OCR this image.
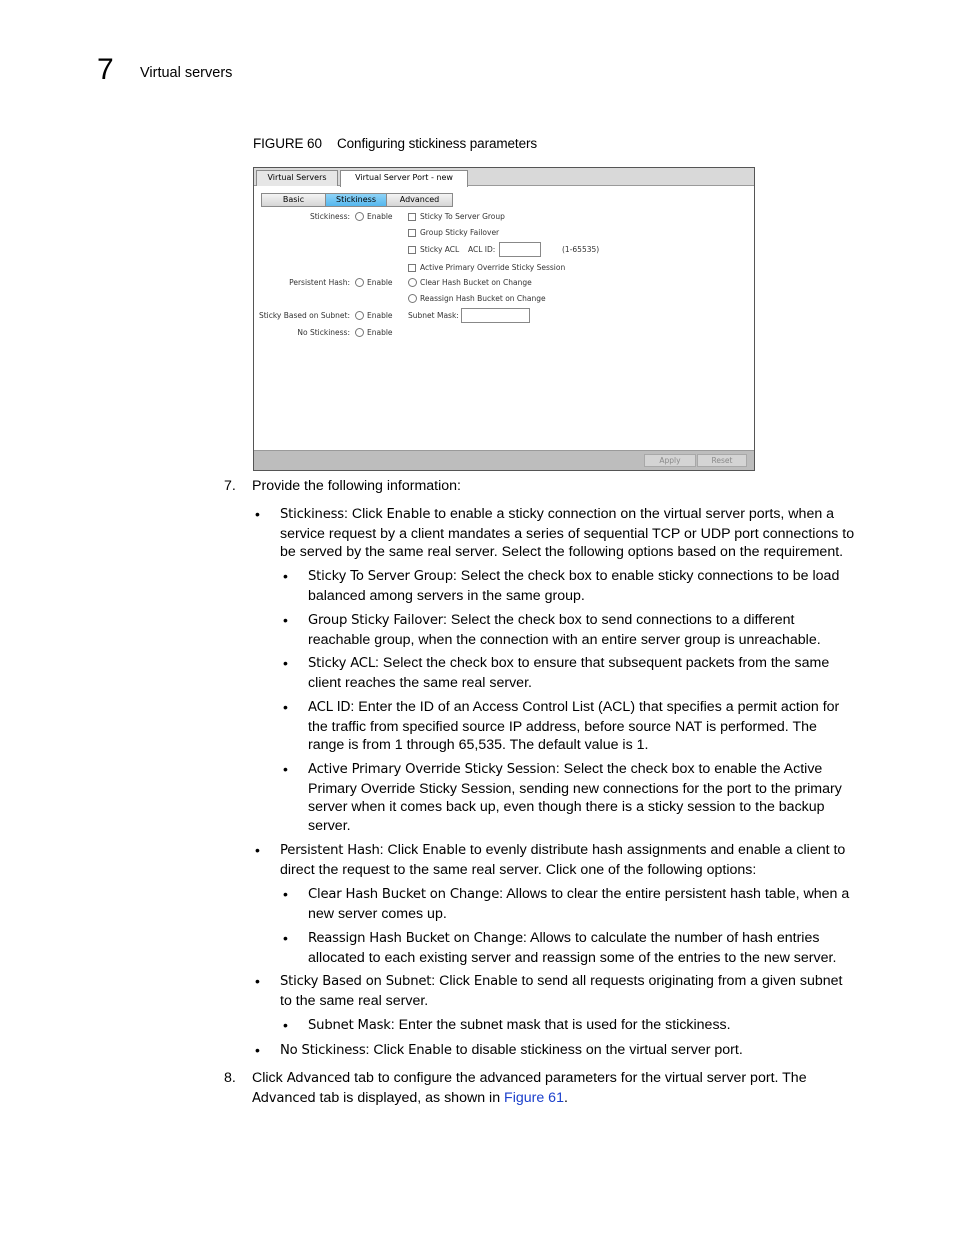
7 Virtual servers
FIGURE 60 Configuring stickiness parameters
Virtual Servers	Virtual Server Port - new
Basic	Stickiness	Advanced
Stickiness: Enable	Sticky To Server Group
Group Sticky Failover
Sticky ACL ACL ID:	(1-65535)
Active Primary Override Sticky Session
Persistent Hash: Enable	Clear Hash Bucket on Change
Reassign Hash Bucket on Change
Sticky Based on Subnet: Enable Subnet Mask:
No Stickiness: Enable
Apply	Reset
7. Provide the following information:
• Stickiness: Click Enable to enable a sticky connection on the virtual server ports, when a
service request by a client mandates a series of sequential TCP or UDP port connections to
be served by the same real server. Select the following options based on the requirement.
• Sticky To Server Group: Select the check box to enable sticky connections to be load
balanced among servers in the same group.
• Group Sticky Failover: Select the check box to send connections to a different
reachable group, when the connection with an entire server group is unreachable.
• Sticky ACL: Select the check box to ensure that subsequent packets from the same
client reaches the same real server.
• ACL ID: Enter the ID of an Access Control List (ACL) that specifies a permit action for
the traffic from specified source IP address, before source NAT is performed. The
range is from 1 through 65,535. The default value is 1.
• Active Primary Override Sticky Session: Select the check box to enable the Active
Primary Override Sticky Session, sending new connections for the port to the primary
server when it comes back up, even though there is a sticky session to the backup
server.
• Persistent Hash: Click Enable to evenly distribute hash assignments and enable a client to
direct the request to the same real server. Click one of the following options:
• Clear Hash Bucket on Change: Allows to clear the entire persistent hash table, when a
new server comes up.
• Reassign Hash Bucket on Change: Allows to calculate the number of hash entries
allocated to each existing server and reassign some of the entries to the new server.
• Sticky Based on Subnet: Click Enable to send all requests originating from a given subnet
to the same real server.
• Subnet Mask: Enter the subnet mask that is used for the stickiness.
• No Stickiness: Click Enable to disable stickiness on the virtual server port.
8. Click Advanced tab to configure the advanced parameters for the virtual server port. The
Advanced tab is displayed, as shown in Figure 61.
